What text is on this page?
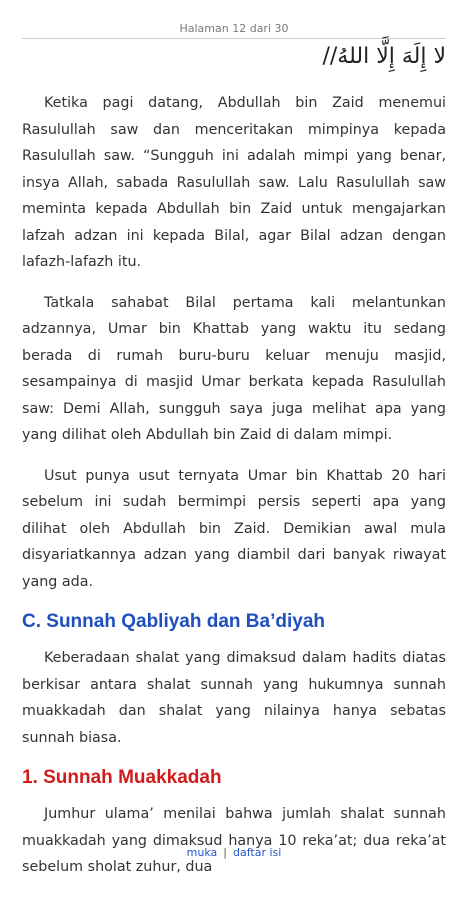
Halaman 12 dari 30
لا إِلَهَ إِلَّا اللهُ//

Ketika pagi datang, Abdullah bin Zaid menemui Rasulullah saw dan menceritakan mimpinya kepada Rasulullah saw. “Sungguh ini adalah mimpi yang benar, insya Allah, sabada Rasulullah saw. Lalu Rasulullah saw meminta kepada Abdullah bin Zaid untuk mengajarkan lafzah adzan ini kepada Bilal, agar Bilal adzan dengan lafazh-lafazh itu.

Tatkala sahabat Bilal pertama kali melantunkan adzannya, Umar bin Khattab yang waktu itu sedang berada di rumah buru-buru keluar menuju masjid, sesampainya di masjid Umar berkata kepada Rasulullah saw: Demi Allah, sungguh saya juga melihat apa yang yang dilihat oleh Abdullah bin Zaid di dalam mimpi.

Usut punya usut ternyata Umar bin Khattab 20 hari sebelum ini sudah bermimpi persis seperti apa yang dilihat oleh Abdullah bin Zaid. Demikian awal mula disyariatkannya adzan yang diambil dari banyak riwayat yang ada.

C. Sunnah Qabliyah dan Ba’diyah

Keberadaan shalat yang dimaksud dalam hadits diatas berkisar antara shalat sunnah yang hukumnya sunnah muakkadah dan shalat yang nilainya hanya sebatas sunnah biasa.

1. Sunnah Muakkadah

Jumhur ulama’ menilai bahwa jumlah shalat sunnah muakkadah yang dimaksud hanya 10 reka’at; dua reka’at sebelum sholat zuhur, dua

muka | daftar isi
